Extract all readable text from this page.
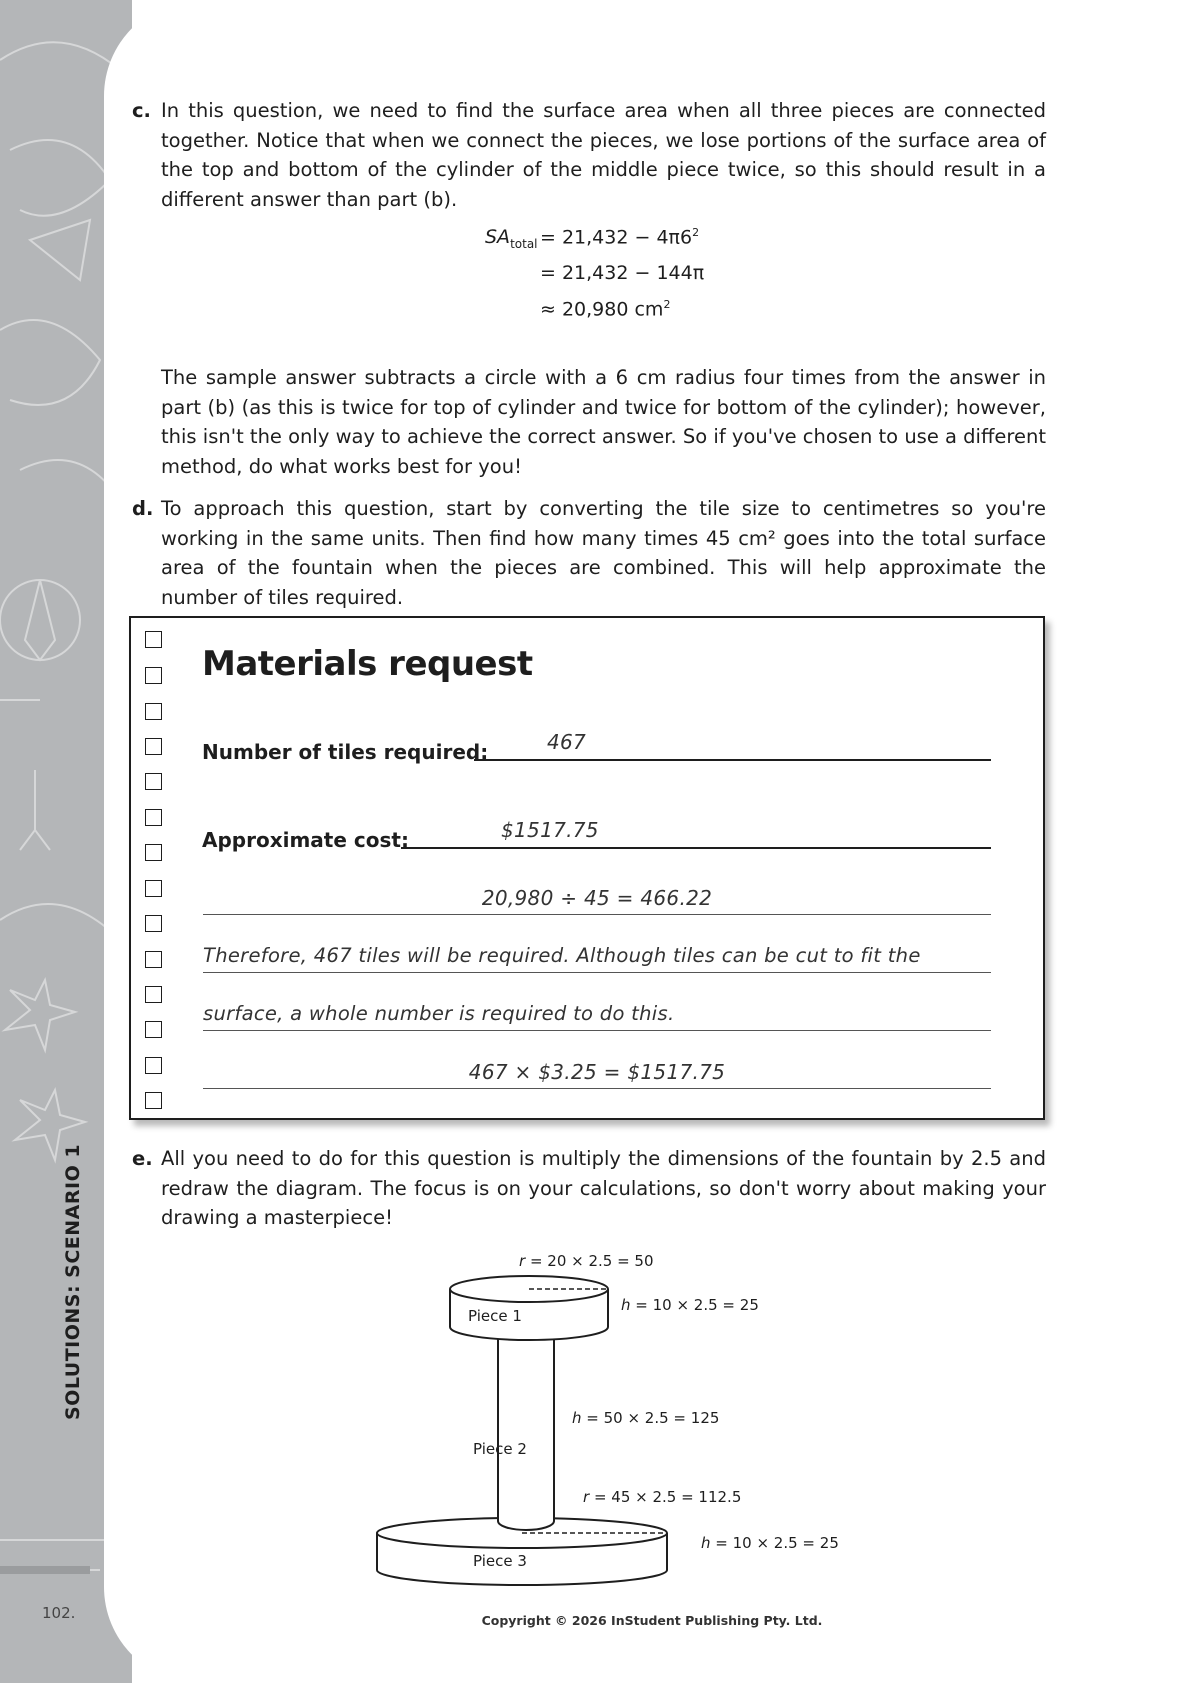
SOLUTIONS: SCENARIO 1
102.
c. In this question, we need to find the surface area when all three pieces are connected together. Notice that when we connect the pieces, we lose portions of the surface area of the top and bottom of the cylinder of the middle piece twice, so this should result in a different answer than part (b).
$SA_{total} = 21,432 - 4\pi 6^2$
= 21,432 − 144π
≈ 20,980 $cm^2$
The sample answer subtracts a circle with a 6 cm radius four times from the answer in part (b) (as this is twice for top of cylinder and twice for bottom of the cylinder); however, this isn't the only way to achieve the correct answer. So if you've chosen to use a different method, do what works best for you!
d. To approach this question, start by converting the tile size to centimetres so you're working in the same units. Then find how many times 45 cm² goes into the total surface area of the fountain when the pieces are combined. This will help approximate the number of tiles required.
Materials request
Number of tiles required:	467
Approximate cost:	$1517.75
20,980 ÷ 45 = 466.22
Therefore, 467 tiles will be required. Although tiles can be cut to fit the
surface, a whole number is required to do this.
467 × $3.25 = $1517.75
e. All you need to do for this question is multiply the dimensions of the fountain by 2.5 and redraw the diagram. The focus is on your calculations, so don't worry about making your drawing a masterpiece!
Piece 1
Piece 2
Piece 3
r = 20 × 2.5 = 50
h = 10 × 2.5 = 25
h = 50 × 2.5 = 125
r = 45 × 2.5 = 112.5
h = 10 × 2.5 = 25
Copyright © 2026 InStudent Publishing Pty. Ltd.
